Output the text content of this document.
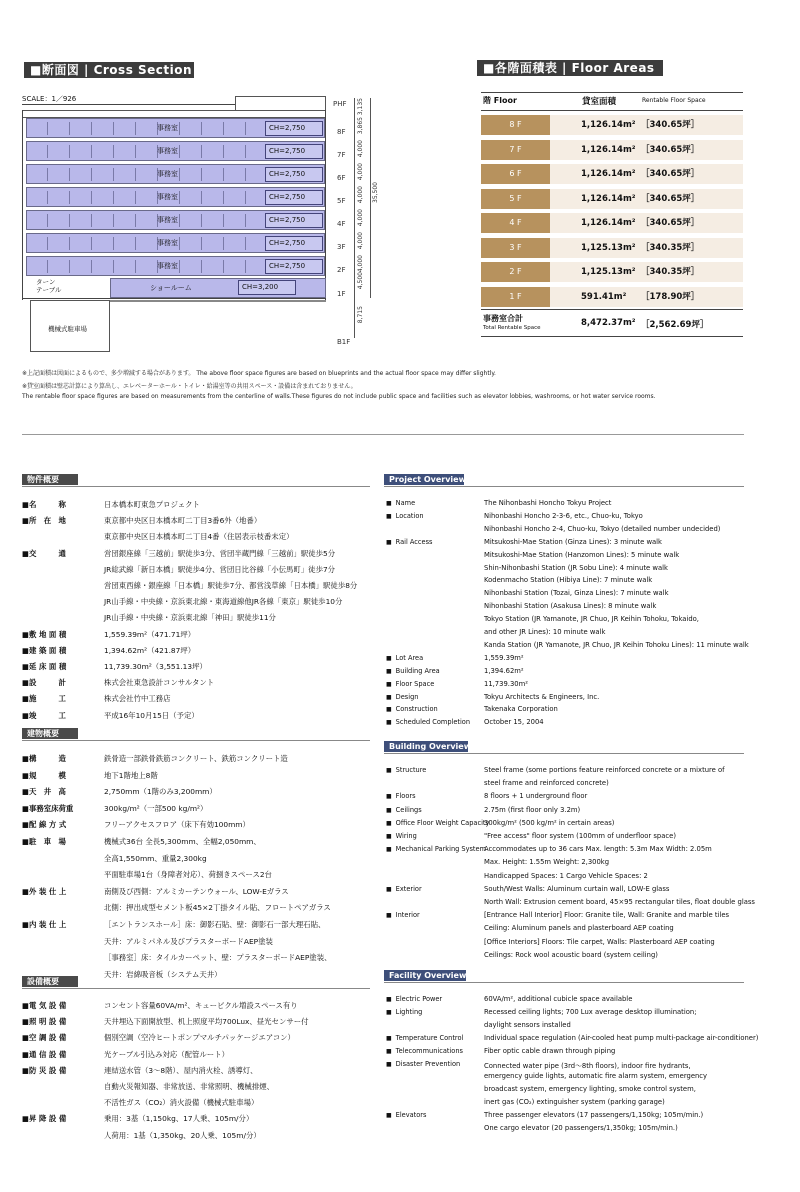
■断面図 | Cross Section
SCALE：1／926
事務室	CH=2,750	8F 3,865
事務室	CH=2,750	7F 4,000
事務室	CH=2,750	6F 4,000
事務室	CH=2,750	5F 4,000
事務室	CH=2,750	4F 4,000
事務室	CH=2,750	3F 4,000
事務室	CH=2,750	2F 4,000
1F
4,500
ショールーム	CH=3,200
ターン
テーブル
機械式駐車場
B1F
PHF 3,135
8,715
35,500
■各階面積表 | Floor Areas
階 Floor	貸室面積	Rentable Floor Space
8 F	1,126.14m² ［340.65坪］
7 F	1,126.14m² ［340.65坪］
6 F	1,126.14m² ［340.65坪］
5 F	1,126.14m² ［340.65坪］
4 F	1,126.14m² ［340.65坪］
3 F	1,125.13m² ［340.35坪］
2 F	1,125.13m² ［340.35坪］
1 F	591.41m² ［178.90坪］
事務室合計
Total Rentable Space	8,472.37m² ［2,562.69坪］
※上記面積は図面によるもので、多少増減する場合があります。 The above floor space figures are based on blueprints and the actual floor space may differ slightly.
※貸室面積は壁芯計算により算出し、エレベーターホール・トイレ・給湯室等の共用スペース・設備は含まれておりません。
The rentable floor space figures are based on measurements from the centerline of walls.These figures do not include public space and facilities such as elevator lobbies, washrooms, or hot water service rooms.
物件概要
■名　　　称	日本橋本町東急プロジェクト
■所　在　地	東京都中央区日本橋本町二丁目3番6外（地番）
東京都中央区日本橋本町二丁目4番（住居表示枝番未定）
■交　　　通	営団銀座線「三越前」駅徒歩3分、営団半蔵門線「三越前」駅徒歩5分
JR総武線「新日本橋」駅徒歩4分、営団日比谷線「小伝馬町」徒歩7分
営団東西線・銀座線「日本橋」駅徒歩7分、都営浅草線「日本橋」駅徒歩8分
JR山手線・中央線・京浜東北線・東海道線他JR各線「東京」駅徒歩10分
JR山手線・中央線・京浜東北線「神田」駅徒歩11分
■敷 地 面 積	1,559.39m²（471.71坪）
■建 築 面 積	1,394.62m²（421.87坪）
■延 床 面 積	11,739.30m²（3,551.13坪）
■設　　　計	株式会社東急設計コンサルタント
■施　　　工	株式会社竹中工務店
■竣　　　工	平成16年10月15日（予定）
建物概要
■構　　　造	鉄骨造一部鉄骨鉄筋コンクリート、鉄筋コンクリート造
■規　　　模	地下1階地上8階
■天　井　高	2,750mm（1階のみ3,200mm）
■事務室床荷重	300kg/m²（一部500 kg/m²）
■配 線 方 式	フリーアクセスフロア（床下有効100mm）
■駐　車　場	機械式36台 全長5,300mm、全幅2,050mm、
全高1,550mm、重量2,300kg
平面駐車場1台（身障者対応）、荷捌きスペース2台
■外 装 仕 上	南側及び西側：アルミカーテンウォール、LOW-Eガラス
北側：押出成型セメント板45×2丁掛タイル貼、フロートペアガラス
■内 装 仕 上	［エントランスホール］床：御影石貼、壁：御影石一部大理石貼、
天井：アルミパネル及びプラスターボードAEP塗装
［事務室］床：タイルカーペット、壁：プラスターボードAEP塗装、
天井：岩綿吸音板（システム天井）
設備概要
■電 気 設 備	コンセント容量60VA/m²、キュービクル増設スペース有り
■照 明 設 備	天井埋込下面開放型、机上照度平均700Lux、昼光センサー付
■空 調 設 備	個別空調（空冷ヒートポンプマルチパッケージエアコン）
■通 信 設 備	光ケーブル引込み対応（配管ルート）
■防 災 設 備	連結送水管（3～8階）、屋内消火栓、誘導灯、
自動火災報知器、非常放送、非常照明、機械排煙、
不活性ガス（CO₂）消火設備（機械式駐車場）
■昇 降 設 備	乗用：3基（1,150kg、17人乗、105m/分）
人荷用：1基（1,350kg、20人乗、105m/分）
Project Overview
■ Name	The Nihonbashi Honcho Tokyu Project
■ Location	Nihonbashi Honcho 2-3-6, etc., Chuo-ku, Tokyo
Nihonbashi Honcho 2-4, Chuo-ku, Tokyo (detailed number undecided)
■ Rail Access	Mitsukoshi-Mae Station (Ginza Lines): 3 minute walk
Mitsukoshi-Mae Station (Hanzomon Lines): 5 minute walk
Shin-Nihonbashi Station (JR Sobu Line): 4 minute walk
Kodenmacho Station (Hibiya Line): 7 minute walk
Nihonbashi Station (Tozai, Ginza Lines): 7 minute walk
Nihonbashi Station (Asakusa Lines): 8 minute walk
Tokyo Station (JR Yamanote, JR Chuo, JR Keihin Tohoku, Tokaido,
and other JR Lines): 10 minute walk
Kanda Station (JR Yamanote, JR Chuo, JR Keihin Tohoku Lines): 11 minute walk
■ Lot Area	1,559.39m²
■ Building Area	1,394.62m²
■ Floor Space	11,739.30m²
■ Design	Tokyu Architects & Engineers, Inc.
■ Construction	Takenaka Corporation
■ Scheduled Completion October 15, 2004
Building Overview
■ Structure	Steel frame (some portions feature reinforced concrete or a mixture of
steel frame and reinforced concrete)
■ Floors	8 floors + 1 underground floor
■ Ceilings	2.75m (first floor only 3.2m)
■ Office Floor Weight Capacity
300kg/m² (500 kg/m² in certain areas)
■ Wiring	"Free access" floor system (100mm of underfloor space)
■ Mechanical Parking System
Accommodates up to 36 cars Max. length: 5.3m Max Width: 2.05m
Max. Height: 1.55m Weight: 2,300kg
Handicapped Spaces: 1 Cargo Vehicle Spaces: 2
■ Exterior	South/West Walls: Aluminum curtain wall, LOW-E glass
North Wall: Extrusion cement board, 45×95 rectangular tiles, float double glass
■ Interior	[Entrance Hall Interior] Floor: Granite tile, Wall: Granite and marble tiles
Ceiling: Aluminum panels and plasterboard AEP coating
[Office Interiors] Floors: Tile carpet, Walls: Plasterboard AEP coating
Ceilings: Rock wool acoustic board (system ceiling)
Facility Overview
■ Electric Power	60VA/m², additional cubicle space available
■ Lighting	Recessed ceiling lights; 700 Lux average desktop illumination;
daylight sensors installed
■ Temperature Control	Individual space regulation (Air-cooled heat pump multi-package air-conditioner)
■ Telecommunications	Fiber optic cable drawn through piping
■ Disaster Prevention	Connected water pipe (3rd～8th floors), indoor fire hydrants,
emergency guide lights, automatic fire alarm system, emergency
broadcast system, emergency lighting, smoke control system,
inert gas (CO₂) extinguisher system (parking garage)
■ Elevators	Three passenger elevators (17 passengers/1,150kg; 105m/min.)
One cargo elevator (20 passengers/1,350kg; 105m/min.)
